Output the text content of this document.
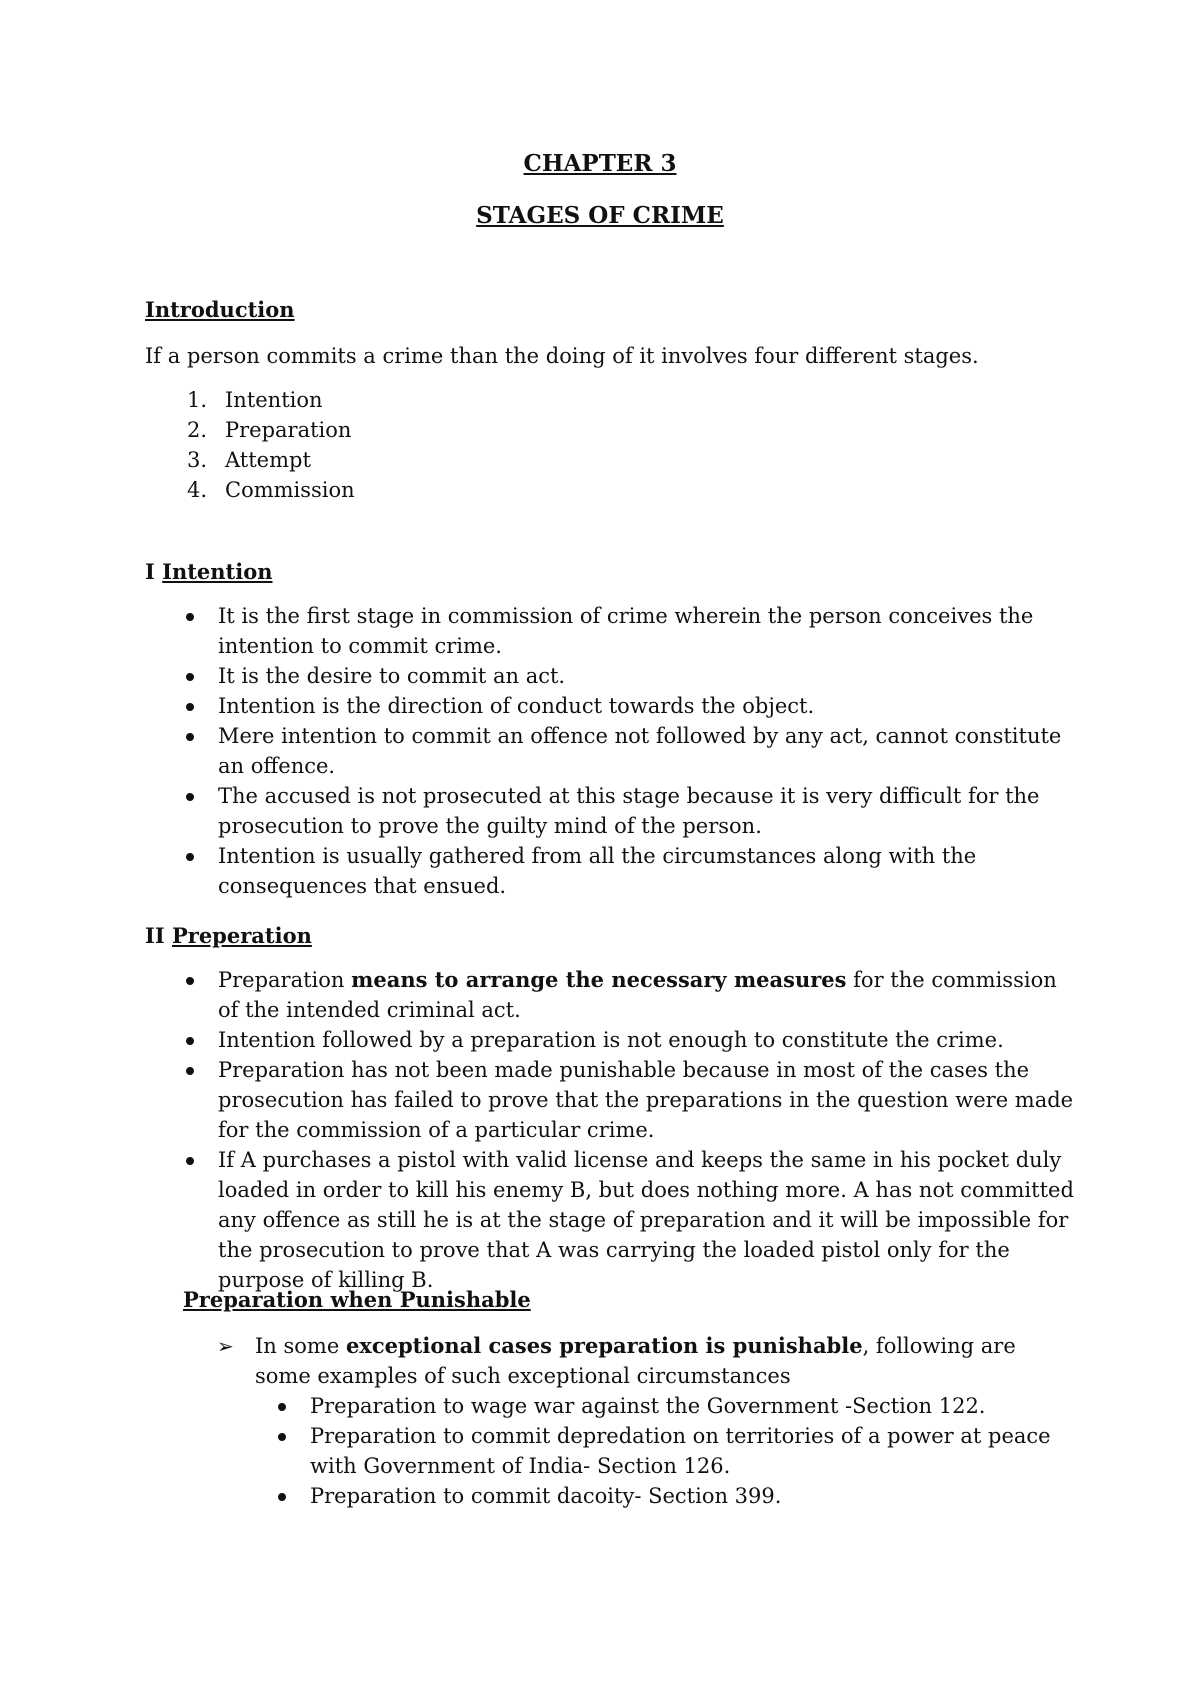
CHAPTER 3
STAGES OF CRIME
Introduction
If a person commits a crime than the doing of it involves four different stages.
1. Intention
2. Preparation
3. Attempt
4. Commission
I Intention
It is the first stage in commission of crime wherein the person conceives the intention to commit crime.
It is the desire to commit an act.
Intention is the direction of conduct towards the object.
Mere intention to commit an offence not followed by any act, cannot constitute an offence.
The accused is not prosecuted at this stage because it is very difficult for the prosecution to prove the guilty mind of the person.
Intention is usually gathered from all the circumstances along with the consequences that ensued.
II Preperation
Preparation means to arrange the necessary measures for the commission of the intended criminal act.
Intention followed by a preparation is not enough to constitute the crime.
Preparation has not been made punishable because in most of the cases the prosecution has failed to prove that the preparations in the question were made for the commission of a particular crime.
If A purchases a pistol with valid license and keeps the same in his pocket duly loaded in order to kill his enemy B, but does nothing more. A has not committed any offence as still he is at the stage of preparation and it will be impossible for the prosecution to prove that A was carrying the loaded pistol only for the purpose of killing B.
Preparation when Punishable
➢ In some exceptional cases preparation is punishable, following are some examples of such exceptional circumstances
Preparation to wage war against the Government -Section 122.
Preparation to commit depredation on territories of a power at peace with Government of India- Section 126.
Preparation to commit dacoity- Section 399.
